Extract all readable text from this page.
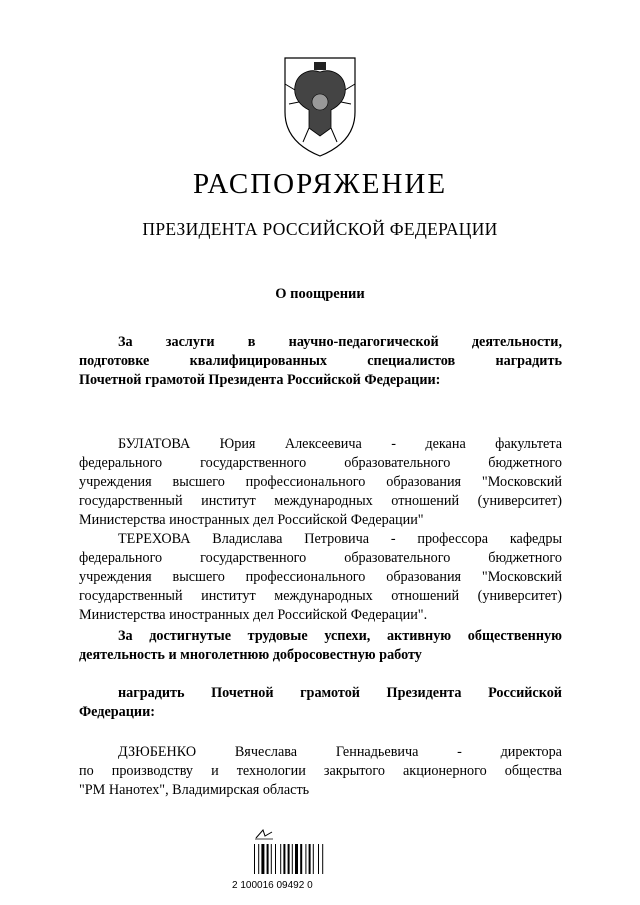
РАСПОРЯЖЕНИЕ
ПРЕЗИДЕНТА РОССИЙСКОЙ ФЕДЕРАЦИИ
О поощрении
За заслуги в научно-педагогической деятельности,
подготовке	квалифицированных	специалистов	наградить
Почетной грамотой Президента Российской Федерации:
БУЛАТОВА Юрия Алексеевича - декана факультета
федерального	государственного	образовательного	бюджетного
учреждения высшего профессионального образования "Московский
государственный институт международных отношений (университет)
Министерства иностранных дел Российской Федерации"
ТЕРЕХОВА Владислава Петровича - профессора кафедры
федерального	государственного	образовательного	бюджетного
учреждения высшего профессионального образования "Московский
государственный институт международных отношений (университет)
Министерства иностранных дел Российской Федерации".
За достигнутые трудовые успехи, активную общественную
деятельность и многолетнюю добросовестную работу
наградить Почетной грамотой Президента Российской
Федерации:
ДЗЮБЕНКО	Вячеслава	Геннадьевича	-	директора
по производству и технологии закрытого акционерного общества
"РМ Нанотех", Владимирская область
2 100016 09492 0
